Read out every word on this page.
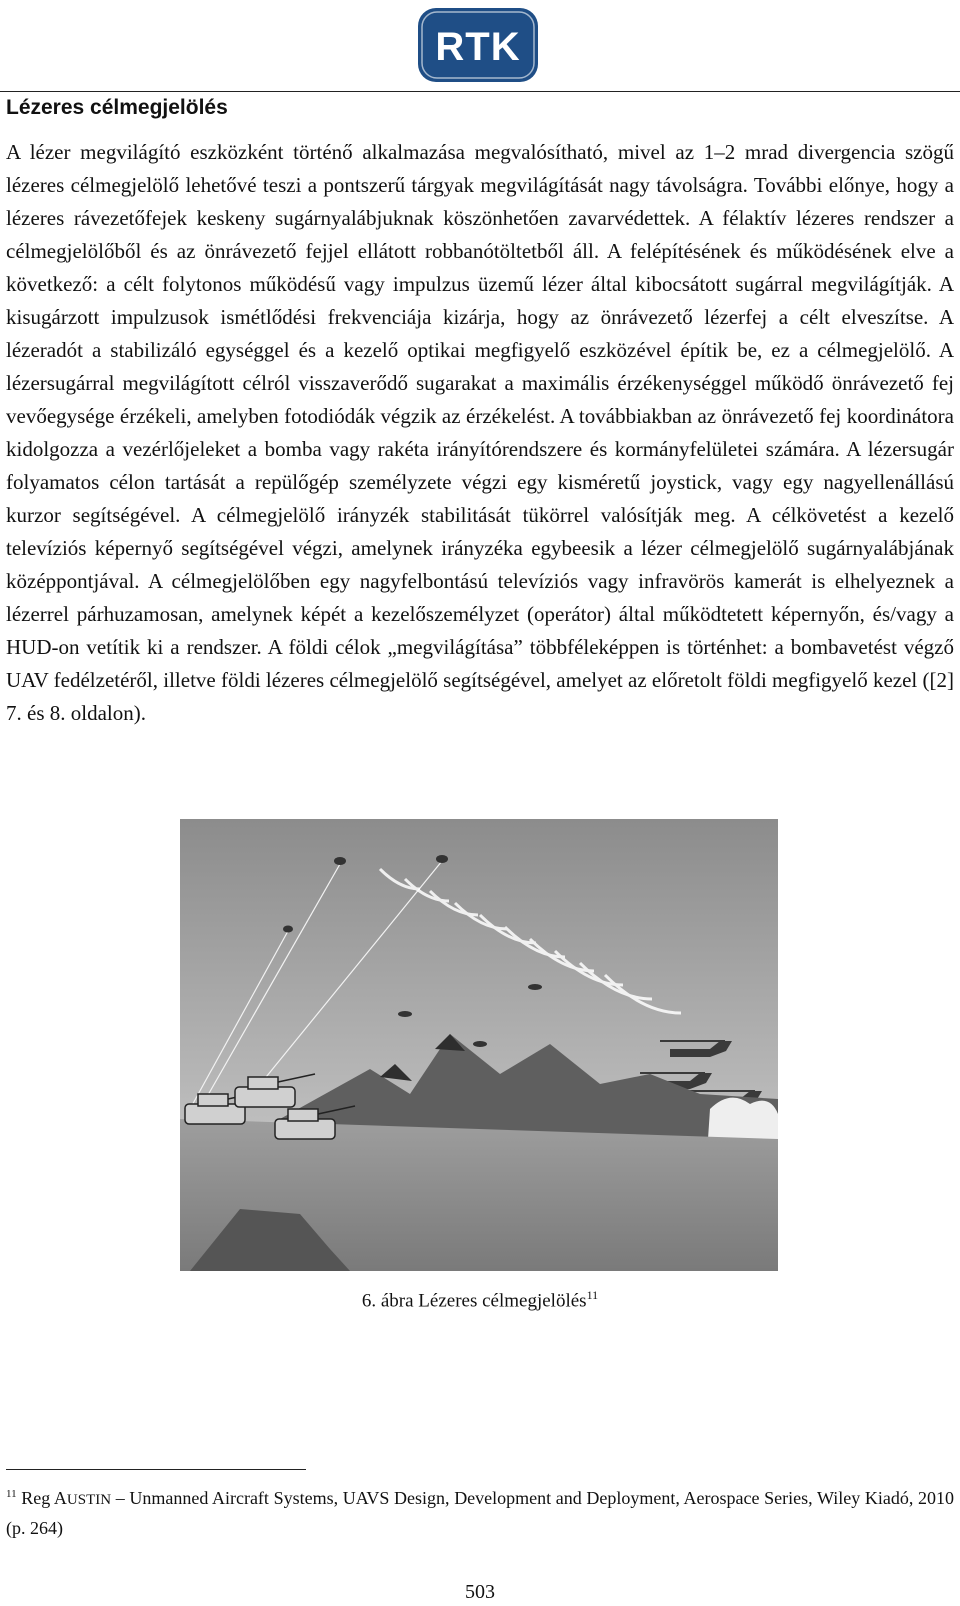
RTK
Lézeres célmegjelölés

A lézer megvilágító eszközként történő alkalmazása megvalósítható, mivel az 1–2 mrad divergencia szögű lézeres célmegjelölő lehetővé teszi a pontszerű tárgyak megvilágítását nagy távolságra. További előnye, hogy a lézeres rávezetőfejek keskeny sugárnyalábjuknak köszönhetően zavarvédettek. A félaktív lézeres rendszer a célmegjelölőből és az önrávezető fejjel ellátott robbanótöltetből áll. A felépítésének és működésének elve a következő: a célt folytonos működésű vagy impulzus üzemű lézer által kibocsátott sugárral megvilágítják. A kisugárzott impulzusok ismétlődési frekvenciája kizárja, hogy az önrávezető lézerfej a célt elveszítse. A lézeradót a stabilizáló egységgel és a kezelő optikai megfigyelő eszközével építik be, ez a célmegjelölő. A lézersugárral megvilágított célról visszaverődő sugarakat a maximális érzékenységgel működő önrávezető fej vevőegysége érzékeli, amelyben fotodiódák végzik az érzékelést. A továbbiakban az önrávezető fej koordinátora kidolgozza a vezérlőjeleket a bomba vagy rakéta irányítórendszere és kormányfelületei számára. A lézersugár folyamatos célon tartását a repülőgép személyzete végzi egy kisméretű joystick, vagy egy nagyellenállású kurzor segítségével. A célmegjelölő irányzék stabilitását tükörrel valósítják meg. A célkövetést a kezelő televíziós képernyő segítségével végzi, amelynek irányzéka egybeesik a lézer célmegjelölő sugárnyalábjának középpontjával. A célmegjelölőben egy nagyfelbontású televíziós vagy infravörös kamerát is elhelyeznek a lézerrel párhuzamosan, amelynek képét a kezelőszemélyzet (operátor) által működtetett képernyőn, és/vagy a HUD-on vetítik ki a rendszer. A földi célok „megvilágítása” többféleképpen is történhet: a bombavetést végző UAV fedélzetéről, illetve földi lézeres célmegjelölő segítségével, amelyet az előretolt földi megfigyelő kezel ([2] 7. és 8. oldalon).

6. ábra Lézeres célmegjelölés$^{11}$

$^{11}$ Reg AUSTIN – Unmanned Aircraft Systems, UAVS Design, Development and Deployment, Aerospace Series, Wiley Kiadó, 2010 (p. 264)

503
